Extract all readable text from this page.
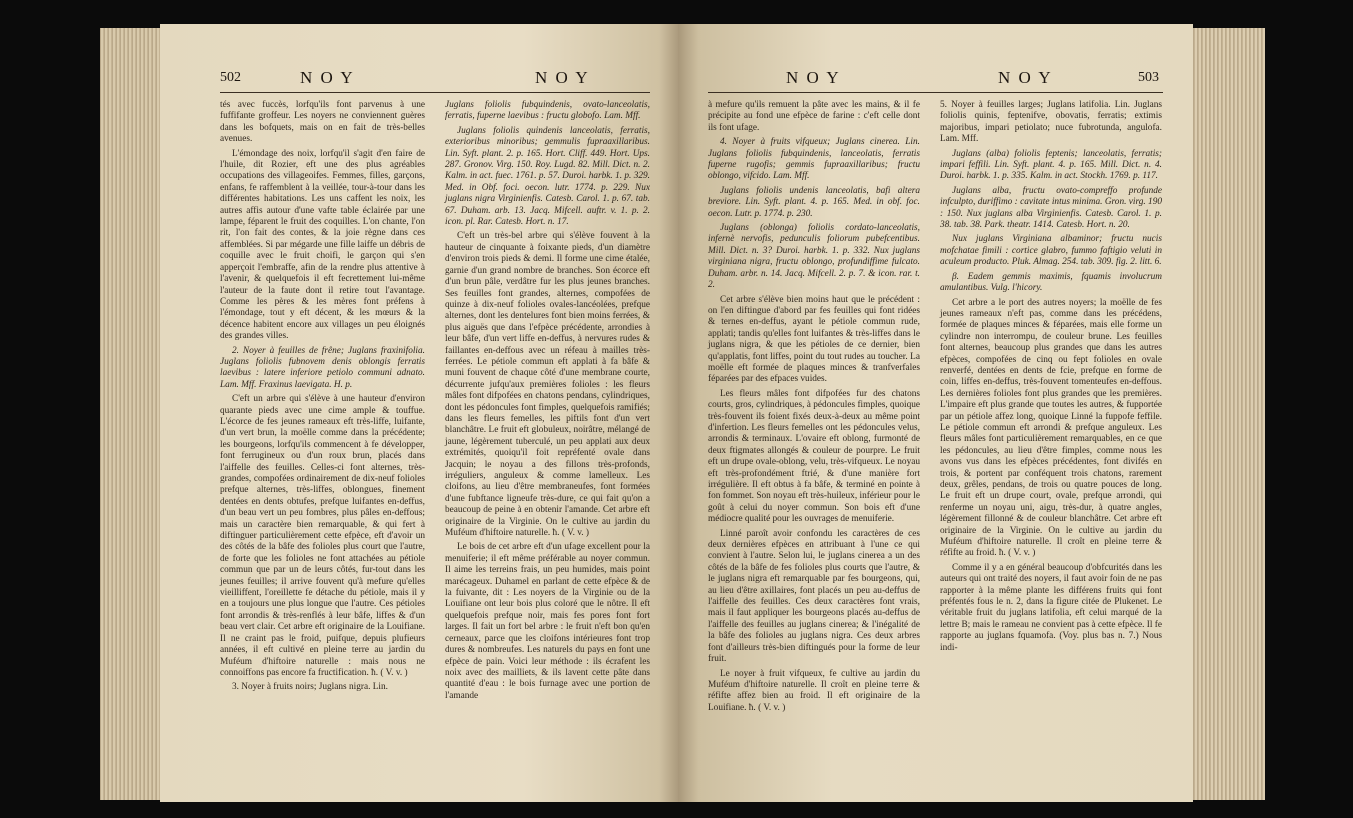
502	N O Y	N O Y

tés avec fuccès, lorfqu'ils font parvenus à une fuffifante groffeur. Les noyers ne conviennent guères dans les bofquets, mais on en fait de très-belles avenues.

L'émondage des noix, lorfqu'il s'agit d'en faire de l'huile, dit Rozier, eft une des plus agréables occupations des villageoifes. Femmes, filles, garçons, enfans, fe raffemblent à la veillée, tour-à-tour dans les différentes habitations. Les uns caffent les noix, les autres affis autour d'une vafte table éclairée par une lampe, féparent le fruit des coquilles. L'on chante, l'on rit, l'on fait des contes, & la joie règne dans ces affemblées. Si par mégarde une fille laiffe un débris de coquille avec le fruit choifi, le garçon qui s'en apperçoit l'embraffe, afin de la rendre plus attentive à l'avenir, & quelquefois il eft fecrettement lui-même l'auteur de la faute dont il retire tout l'avantage. Comme les pères & les mères font préfens à l'émondage, tout y eft décent, & les mœurs & la décence habitent encore aux villages un peu éloignés des grandes villes.

2. Noyer à feuilles de frêne; Juglans fraxinifolia. Juglans foliolis fubnovem denis oblongis ferratis laevibus : latere inferiore petiolo communi adnato. Lam. Mff. Fraxinus laevigata. H. p.

C'eft un arbre qui s'élève à une hauteur d'environ quarante pieds avec une cime ample & touffue. L'écorce de fes jeunes rameaux eft très-liffe, luifante, d'un vert brun, la moëlle comme dans la précédente; les bourgeons, lorfqu'ils commencent à fe développer, font ferrugineux ou d'un roux brun, placés dans l'aiffelle des feuilles. Celles-ci font alternes, très-grandes, compofées ordinairement de dix-neuf folioles prefque alternes, très-liffes, oblongues, finement dentées en dents obtufes, prefque luifantes en-deffus, d'un beau vert un peu fombres, plus pâles en-deffous; mais un caractère bien remarquable, & qui fert à diftinguer particulièrement cette efpèce, eft d'avoir un des côtés de la bâfe des folioles plus court que l'autre, de forte que les folioles ne font attachées au pétiole commun que par un de leurs côtés, fur-tout dans les jeunes feuilles; il arrive fouvent qu'à mefure qu'elles vieilliffent, l'oreillette fe détache du pétiole, mais il y en a toujours une plus longue que l'autre. Ces pétioles font arrondis & très-renflés à leur bâfe, liffes & d'un beau vert clair. Cet arbre eft originaire de la Louifiane. Il ne craint pas le froid, puifque, depuis plufieurs années, il eft cultivé en pleine terre au jardin du Muféum d'hiftoire naturelle : mais nous ne connoiffons pas encore fa fructification. ħ. ( V. v. )

3. Noyer à fruits noirs; Juglans nigra. Lin.

Juglans foliolis fubquindenis, ovato-lanceolatis, ferratis, fuperne laevibus : fructu globofo. Lam. Mff.

Juglans foliolis quindenis lanceolatis, ferratis, exterioribus minoribus; gemmulis fupraaxillaribus. Lin. Syft. plant. 2. p. 165. Hort. Cliff. 449. Hort. Ups. 287. Gronov. Virg. 150. Roy. Lugd. 82. Mill. Dict. n. 2. Kalm. in act. fuec. 1761. p. 57. Duroi. harbk. 1. p. 329. Med. in Obf. foci. oecon. lutr. 1774. p. 229. Nux juglans nigra Virginienfis. Catesb. Carol. 1. p. 67. tab. 67. Duham. arb. 13. Jacq. Mifcell. auftr. v. 1. p. 2. icon. pl. Rar. Catesb. Hort. n. 17.

C'eft un très-bel arbre qui s'élève fouvent à la hauteur de cinquante à foixante pieds, d'un diamètre d'environ trois pieds & demi. Il forme une cime étalée, garnie d'un grand nombre de branches. Son écorce eft d'un brun pâle, verdâtre fur les plus jeunes branches. Ses feuilles font grandes, alternes, compofées de quinze à dix-neuf folioles ovales-lancéolées, prefque alternes, dont les dentelures font bien moins ferrées, & plus aiguës que dans l'efpèce précédente, arrondies à leur bâfe, d'un vert liffe en-deffus, à nervures rudes & faillantes en-deffous avec un réfeau à mailles très-ferrées. Le pétiole commun eft applati à fa bâfe & muni fouvent de chaque côté d'une membrane courte, décurrente jufqu'aux premières folioles : les fleurs mâles font difpofées en chatons pendans, cylindriques, dont les pédoncules font fimples, quelquefois ramifiés; dans les fleurs femelles, les piftils font d'un vert blanchâtre. Le fruit eft globuleux, noirâtre, mélangé de jaune, légèrement tuberculé, un peu applati aux deux extrémités, quoiqu'il foit repréfenté ovale dans Jacquin; le noyau a des fillons très-profonds, irréguliers, anguleux & comme lamelleux. Les cloifons, au lieu d'être membraneufes, font formées d'une fubftance ligneufe très-dure, ce qui fait qu'on a beaucoup de peine à en obtenir l'amande. Cet arbre eft originaire de la Virginie. On le cultive au jardin du Muféum d'hiftoire naturelle. ħ. ( V. v. )

Le bois de cet arbre eft d'un ufage excellent pour la menuiferie; il eft même préférable au noyer commun. Il aime les terreins frais, un peu humides, mais point marécageux. Duhamel en parlant de cette efpèce & de la fuivante, dit : Les noyers de la Virginie ou de la Louifiane ont leur bois plus coloré que le nôtre. Il eft quelquefois prefque noir, mais fes pores font fort larges. Il fait un fort bel arbre : le fruit n'eft bon qu'en cerneaux, parce que les cloifons intérieures font trop dures & nombreufes. Les naturels du pays en font une efpèce de pain. Voici leur méthode : ils écrafent les noix avec des mailliets, & ils lavent cette pâte dans quantité d'eau : le bois furnage avec une portion de l'amande

N O Y	N O Y	503

à mefure qu'ils remuent la pâte avec les mains, & il fe précipite au fond une efpèce de farine : c'eft celle dont ils font ufage.

4. Noyer à fruits vifqueux; Juglans cinerea. Lin. Juglans foliolis fubquindenis, lanceolatis, ferratis fuperne rugofis; gemmis fupraaxillaribus; fructu oblongo, vifcido. Lam. Mff.

Juglans foliolis undenis lanceolatis, bafi altera breviore. Lin. Syft. plant. 4. p. 165. Med. in obf. foc. oecon. Lutr. p. 1774. p. 230.

Juglans (oblonga) foliolis cordato-lanceolatis, infernè nervofis, pedunculis foliorum pubefcentibus. Mill. Dict. n. 3? Duroi. harbk. 1. p. 332. Nux juglans virginiana nigra, fructu oblongo, profundiffime fulcato. Duham. arbr. n. 14. Jacq. Mifcell. 2. p. 7. & icon. rar. t. 2.

Cet arbre s'élève bien moins haut que le précédent : on l'en diftingue d'abord par fes feuilles qui font ridées & ternes en-deffus, ayant le pétiole commun rude, applati; tandis qu'elles font luifantes & très-liffes dans le juglans nigra, & que les pétioles de ce dernier, bien qu'applatis, font liffes, point du tout rudes au toucher. La moëlle eft formée de plaques minces & tranfverfales féparées par des efpaces vuides.

Les fleurs mâles font difpofées fur des chatons courts, gros, cylindriques, à pédoncules fimples, quoique très-fouvent ils foient fixés deux-à-deux au même point d'infertion. Les fleurs femelles ont les pédoncules velus, arrondis & terminaux. L'ovaire eft oblong, furmonté de deux ftigmates allongés & couleur de pourpre. Le fruit eft un drupe ovale-oblong, velu, très-vifqueux. Le noyau eft très-profondément ftrié, & d'une manière fort irrégulière. Il eft obtus à fa bâfe, & terminé en pointe à fon fommet. Son noyau eft très-huileux, inférieur pour le goût à celui du noyer commun. Son bois eft d'une médiocre qualité pour les ouvrages de menuiferie.

Linné paroît avoir confondu les caractères de ces deux dernières efpèces en attribuant à l'une ce qui convient à l'autre. Selon lui, le juglans cinerea a un des côtés de la bâfe de fes folioles plus courts que l'autre, & le juglans nigra eft remarquable par fes bourgeons, qui, au lieu d'être axillaires, font placés un peu au-deffus de l'aiffelle des feuilles. Ces deux caractères font vrais, mais il faut appliquer les bourgeons placés au-deffus de l'aiffelle des feuilles au juglans cinerea; & l'inégalité de la bâfe des folioles au juglans nigra. Ces deux arbres font d'ailleurs très-bien diftingués pour la forme de leur fruit.

Le noyer à fruit vifqueux, fe cultive au jardin du Muféum d'hiftoire naturelle. Il croît en pleine terre & réfifte affez bien au froid. Il eft originaire de la Louifiane. ħ. ( V. v. )

5. Noyer à feuilles larges; Juglans latifolia. Lin. Juglans foliolis quinis, feptenifve, obovatis, ferratis; extimis majoribus, impari petiolato; nuce fubrotunda, angulofa. Lam. Mff.

Juglans (alba) foliolis feptenis; lanceolatis, ferratis; impari feffili. Lin. Syft. plant. 4. p. 165. Mill. Dict. n. 4. Duroi. harbk. 1. p. 335. Kalm. in act. Stockh. 1769. p. 117.

Juglans alba, fructu ovato-compreffo profunde infculpto, duriffimo : cavitate intus minima. Gron. virg. 190 : 150. Nux juglans alba Virginienfis. Catesb. Carol. 1. p. 38. tab. 38. Park. theatr. 1414. Catesb. Hort. n. 20.

Nux juglans Virginiana albaminor; fructu nucis mofchatae fimili : cortice glabro, fummo faftigio veluti in aculeum producto. Pluk. Almag. 254. tab. 309. fig. 2. litt. 6.

β. Eadem gemmis maximis, fquamis involucrum amulantibus. Vulg. l'hicory.

Cet arbre a le port des autres noyers; la moëlle de fes jeunes rameaux n'eft pas, comme dans les précédens, formée de plaques minces & féparées, mais elle forme un cylindre non interrompu, de couleur brune. Les feuilles font alternes, beaucoup plus grandes que dans les autres efpèces, compofées de cinq ou fept folioles en ovale renverfé, dentées en dents de fcie, prefque en forme de coin, liffes en-deffus, très-fouvent tomenteufes en-deffous. Les dernières folioles font plus grandes que les premières. L'impaire eft plus grande que toutes les autres, & fupportée par un pétiole affez long, quoique Linné la fuppofe feffile. Le pétiole commun eft arrondi & prefque anguleux. Les fleurs mâles font particulièrement remarquables, en ce que les pédoncules, au lieu d'être fimples, comme nous les avons vus dans les efpèces précédentes, font divifés en trois, & portent par conféquent trois chatons, rarement deux, grêles, pendans, de trois ou quatre pouces de long. Le fruit eft un drupe court, ovale, prefque arrondi, qui renferme un noyau uni, aigu, très-dur, à quatre angles, légèrement fillonné & de couleur blanchâtre. Cet arbre eft originaire de la Virginie. On le cultive au jardin du Muféum d'hiftoire naturelle. Il croît en pleine terre & réfifte au froid. ħ. ( V. v. )

Comme il y a en général beaucoup d'obfcurités dans les auteurs qui ont traité des noyers, il faut avoir foin de ne pas rapporter à la même plante les différens fruits qui font préfentés fous le n. 2, dans la figure citée de Plukenet. Le véritable fruit du juglans latifolia, eft celui marqué de la lettre B; mais le rameau ne convient pas à cette efpèce. Il fe rapporte au juglans fquamofa. (Voy. plus bas n. 7.) Nous indi-
